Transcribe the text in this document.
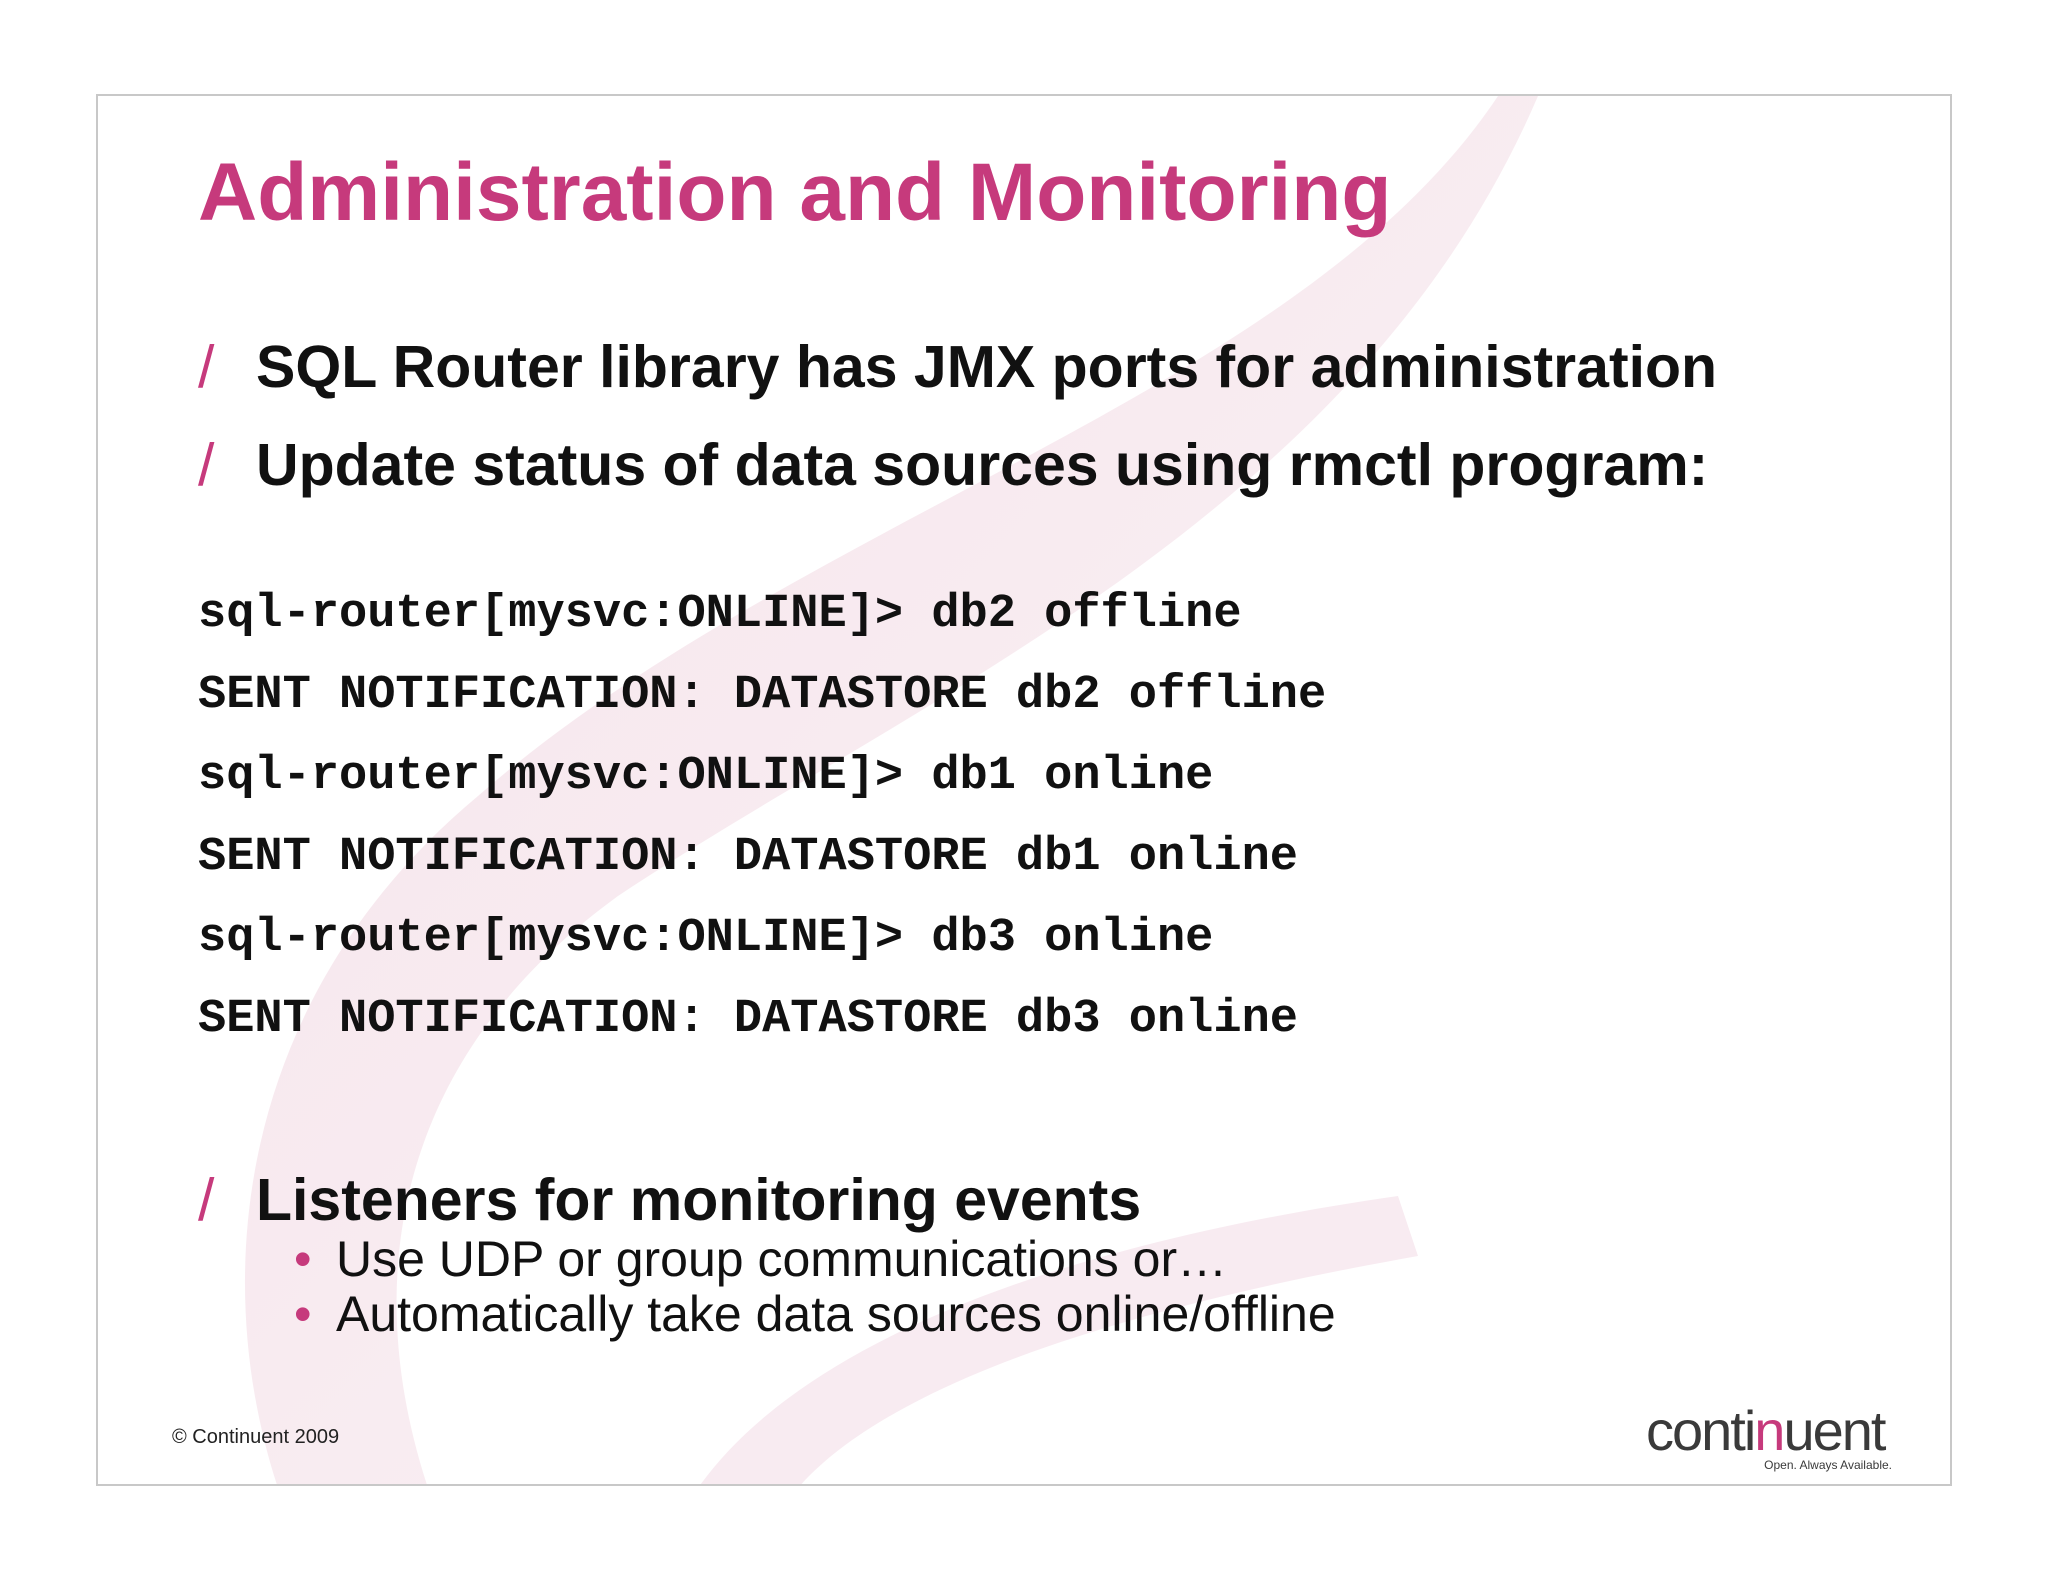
Administration and Monitoring
/ SQL Router library has JMX ports for administration
/ Update status of data sources using rmctl program:
sql-router[mysvc:ONLINE]> db2 offline
SENT NOTIFICATION: DATASTORE db2 offline
sql-router[mysvc:ONLINE]> db1 online
SENT NOTIFICATION: DATASTORE db1 online
sql-router[mysvc:ONLINE]> db3 online
SENT NOTIFICATION: DATASTORE db3 online
/ Listeners for monitoring events
• Use UDP or group communications or…
• Automatically take data sources online/offline
© Continuent 2009	continuent
Open. Always Available.
